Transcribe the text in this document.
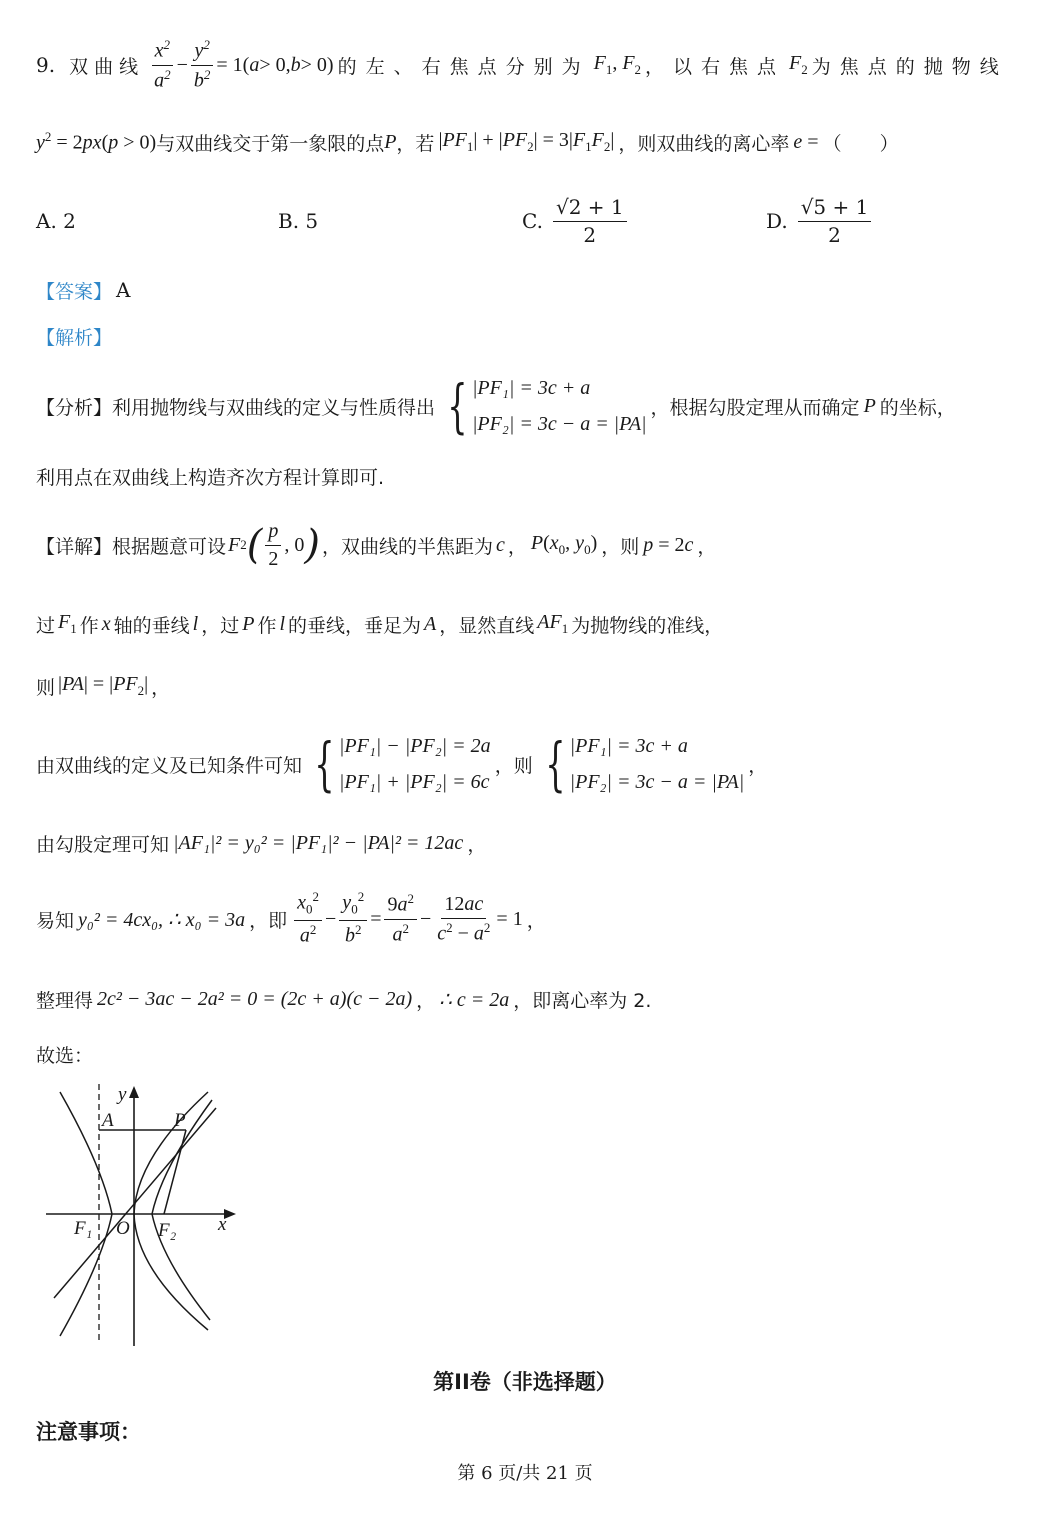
9. 双曲线 $\frac{x^2}{a^2} - \frac{y^2}{b^2} = 1$( a > 0, b > 0) 的左、右焦点分别为 $F_1$, $F_2$ ，以右焦点 $F_2$ 为焦点的抛物线
$y^2 = 2px(p > 0)$ 与双曲线交于第一象限的点 P ，若 $|PF_1| + |PF_2| = 3|F_1F_2|$ ，则双曲线的离心率 e = （　　）
A. 2	B. 5	C. $\frac{√2 + 1}{2}$	D. $\frac{√5 + 1}{2}$
【答案】 A
【解析】
【分析】 利用抛物线与双曲线的定义与性质得出 { |PF₁| = 3c + a
|PF₂| = 3c − a = |PA|
，根据勾股定理从而确定 P 的坐标，
利用点在双曲线上构造齐次方程计算即可.
【详解】 根据题意可设 F 2 ( $\frac{p}{2}$ , 0 ) ，双曲线的半焦距为 c ， $P(x_0$, $y_0$) ，则 p = 2c ，
过 $F_1$ 作 x 轴的垂线 l ，过 P 作 l 的垂线，垂足为 A ，显然直线 $AF_1$ 为抛物线的准线，
则 $|PA| = |PF_2|$ ，
由双曲线的定义及已知条件可知 { |PF₁| − |PF₂| = 2a
|PF₁| + |PF₂| = 6c
，则 { |PF₁| = 3c + a
|PF₂| = 3c − a = |PA|
，
由勾股定理可知 |AF₁|² = y₀² = |PF₁|² − |PA|² = 12ac ，
易知 y₀² = 4cx₀, ∴ x₀ = 3a ，即 $\frac{x_0^2}{a^2} - \frac{y_0^2}{b^2} = \frac{9a^2}{a^2} - \frac{12ac}{c^2 - a^2} = 1$ ，
整理得 2c² − 3ac − 2a² = 0 = (2c + a)(c − 2a) ， ∴ c = 2a ，即离心率为 2.
故选：
y
A	P
F₁ O F₂ x
第II卷（非选择题）
注意事项：
第 6 页/共 21 页
